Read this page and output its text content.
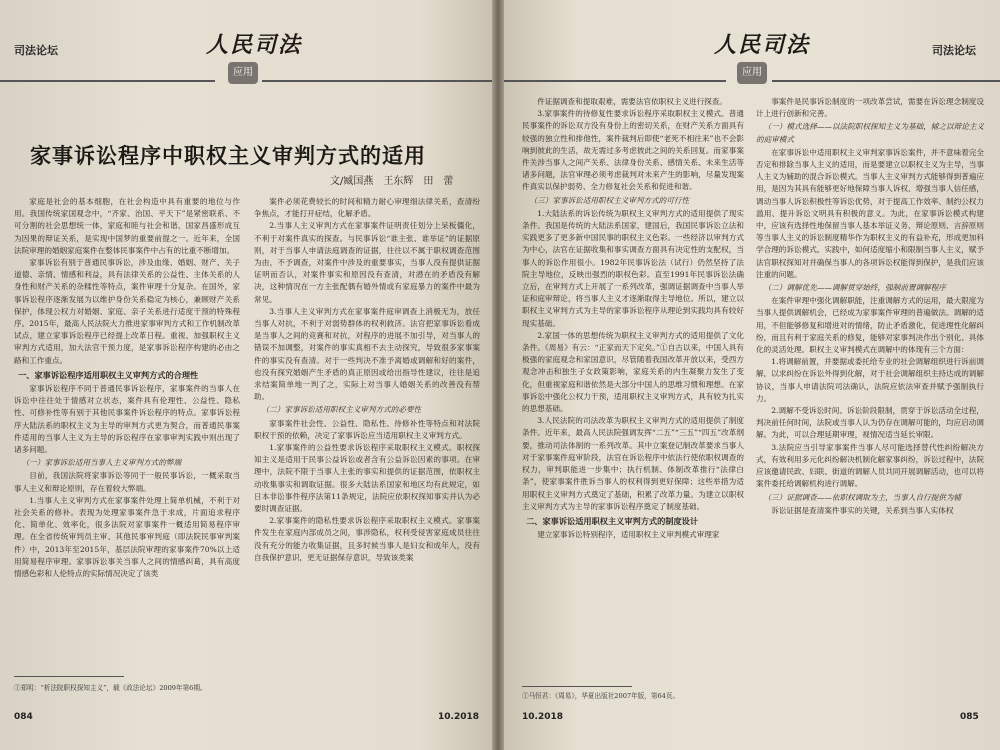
司法论坛	人民司法
应用
家事诉讼程序中职权主义审判方式的适用
文/臧国燕　王东辉　田　蕾

家庭是社会的基本细胞，在社会构造中具有重要的地位与作用。我国传统家国观念中，“齐家、治国、平天下”是紧密联系、不可分割的社会思想统一体，家庭和睦与社会和谐、国家昌盛形成互为因果的辩证关系，是实现中国梦的重要前提之一。近年来，全国法院审理的婚姻家庭案件在整体民事案件中占有的比重不断增加。

家事诉讼有别于普通民事诉讼，涉及血缘、婚姻、财产、关子道德、亲情、情感和利益，具有法律关系的公益性、主体关系的人身性和财产关系的杂糅性等特点，案件审理十分复杂。在国外，家事诉讼程序逐渐发展为以维护身份关系稳定为核心，兼顾财产关系保护，体现公权力对婚姻、家庭、亲子关系进行适度干预的特殊程序。2015年，最高人民法院大力推进家事审判方式和工作机制改革试点，建立家事诉讼程序已经提上改革日程。重视、加强职权主义审判方式适用，加大法官干预力度，是家事诉讼程序构建的必由之路和工作重点。

一、家事诉讼程序适用职权主义审判方式的合理性

家事诉讼程序不同于普通民事诉讼程序，家事案件的当事人在诉讼中往往处于情感对立状态，案件具有伦理性、公益性、隐私性、可修补性等有别于其他民事案件诉讼程序的特点。家事诉讼程序大陆法系的职权主义为主导的审判方式更为契合，而普通民事案件适用的当事人主义为主导的诉讼程序在家事审判实践中则出现了诸多问题。

（一）家事诉讼适用当事人主义审判方式的弊端

目前，我国法院将家事诉讼等同于一般民事诉讼，一概采取当事人主义和辩论原则，存在着较大弊端。

1.当事人主义审判方式在家事案件处理上简单机械，不利于对社会关系的修补。表现为处理家事案件急于求成，片面追求程序化、简单化、效率化，很多法院对家事案件一概适用简易程序审理。在全省传统审判员主审、其他民事审判庭（即法院民事审判案件）中，2013年至2015年，基层法院审理的家事案件70%以上适用简易程序审理。家事诉讼事关当事人之间的情感纠葛，具有高度情感色彩和人伦特点的实际情况决定了该类

案件必须花费较长的时间和精力耐心审理细法律关系，查清纷争焦点，才能打开症结，化解矛盾。

2.当事人主义审判方式在家事案件证明责任划分上呆板僵化，不利于对案件真实的探查。与民事诉讼“谁主张、谁举证”的证据原则，对于当事人申请法庭调查的证据，往往以不属于职权调查范围为由，不予调查，对案件中涉及的重要事实，当事人没有提供证据证明而否认，对案件事实和原因没有查清，对潜在的矛盾没有解决，这种情况在一方主张配偶有婚外情或有家庭暴力的案件中最为常见。

3.当事人主义审判方式在家事案件庭审调查上消极无为，放任当事人对抗，不利于对弱势群体的权利救济。法官把家事诉讼看成是当事人之间的竞赛和对抗，对程序的进展不加引导，对当事人的错误不加调整，对案件的事实真相不去主动探究，导致很多家事案件的事实没有查清。对于一些判决不准予离婚或调解和好的案件，也没有探究婚姻产生矛盾的真正原因或给出指导性建议，往往是追求结案简单地一判了之，实际上对当事人婚姻关系的改善没有帮助。

（二）家事诉讼适用职权主义审判方式的必要性

家事案件社会性、公益性、隐私性、待修补性等特点和对法院职权干预的依赖，决定了家事诉讼应当适用职权主义审判方式。

1.家事案件的公益性要求诉讼程序采取职权主义模式。职权探知主义是适用于民事公益诉讼或者含有公益诉讼因素的事项。在审理中，法院不限于当事人主张的事实和提供的证据范围，依职权主动收集事实和调取证据。很多大陆法系国家和地区均有此规定，如日本非讼事件程序法第11条规定，法院应依职权探知事实并认为必要时调查证据。

2.家事案件的隐私性要求诉讼程序采取职权主义模式。家事案件发生在家庭内部成员之间，事涉隐私，权利受侵害家庭成员往往没有充分的能力收集证据，且多时候当事人是妇女和成年人，没有自我保护意识，更无证据保存意识，导致该类案

①郑明：“析法院职权探知主义”，载《政法论坛》2009年第6期。
084	10.2018
人民司法	司法论坛
应用

件证据调查和提取艰难，需要法官依职权主义进行探查。

3.家事案件的待修复性要求诉讼程序采取职权主义模式。普通民事案件的诉讼双方没有身份上的密切关系，在财产关系方面具有较强的独立性和排他性，案件裁判后即使“老死不相往来”也不会影响到彼此的生活，故无需过多考虑彼此之间的关系回复。而家事案件关涉当事人之间产关系、法律身份关系、感情关系、未来生活等诸多问题，法官审理必须考虑裁判对未来产生的影响，尽量发现案件真实以保护弱势、全力修复社会关系和促进和谐。

（三）家事诉讼适用职权主义审判方式的可行性

1.大陆法系的诉讼传统为职权主义审判方式的适用提供了现实条件。我国是传统的大陆法系国家，建国后，我国民事诉讼立法和实践更多了更多新中国民事的职权主义色彩。一些经济以审判方式为中心，法官在证据收集和事实调查方面具有决定性的支配权，当事人的诉讼作用很小。1982年民事诉讼法（试行）仍然坚持了法院主导地位，反映出强烈的职权色彩。直至1991年民事诉讼法确立后，在审判方式上开展了一系列改革，强调证据调查中当事人举证和庭审辩论，将当事人主义才逐渐取得主导地位。所以，建立以职权主义审判方式为主导的家事诉讼程序从理论到实践均具有较好现实基础。

2.家国一体的思想传统为职权主义审判方式的适用提供了文化条件。《周易》有云：“正家而天下定矣。”①自古以来，中国人具有极强的家庭观念和家国意识，尽管随着我国改革开放以来，受西方观念冲击和独生子女政策影响，家庭关系的内生凝聚力发生了变化，但重视家庭和谐依然是大部分中国人的思维习惯和理想。在家事诉讼中强化公权力干预，适用职权主义审判方式，具有较为扎实的思想基础。

3.人民法院的司法改革为职权主义审判方式的适用提供了制度条件。近年来，最高人民法院强调发挥“二五”“三五”“四五”改革纲要，推动司法体制的一系列改革。其中立案登记制改革要求当事人对于家事案件庭审阶段，法官在诉讼程序中依法行使依职权调查的权力，审判职能进一步集中；执行机制、体制改革推行“法律白条”，使家事案件胜诉当事人的权利得到更好保障；这些举措为适用职权主义审判方式奠定了基础，积累了改革力量。为建立以职权主义审判方式为主导的家事诉讼程序奠定了制度基础。

二、家事诉讼适用职权主义审判方式的制度设计

建立家事诉讼特别程序，适用职权主义审判模式审理家

事案件是民事诉讼制度的一项改革尝试，需要在诉讼理念制度设计上进行创新和完善。

（一）模式选择——以法院职权探知主义为基础，辅之以辩论主义的庭审模式

在家事诉讼中适用职权主义审判家事诉讼案件，并不意味着完全否定和排除当事人主义的适用，而是要建立以职权主义为主导，当事人主义为辅助的混合诉讼模式。当事人主义审判方式能够得到普遍应用，是因为其具有能够更好地保障当事人诉权、增强当事人信任感，调动当事人诉讼积极性等诉讼优势，对于提高工作效率、制约公权力滥用、提升诉讼文明具有积极的意义。为此，在家事诉讼模式构建中，应该有选择性地保留当事人基本举证义务、辩论原则、言辞原则等当事人主义的诉讼制度精华作为职权主义的有益补充，形成更加科学合理的诉讼模式。实践中，如何适度缩小和限制当事人主义，赋予法官职权探知对并确保当事人的各项诉讼权能得到保护，是我们应该注重的问题。

（二）调解优先——调解贯穿始终，强制前置调解程序

在案件审理中强化调解职能，注重调解方式的运用，最大限度为当事人提供调解机会，已经成为家事案件审理的普遍做法。调解的适用，不但能够修复和增进对的情绪，防止矛盾激化，促进理性化解纠纷，而且有利于家庭关系的修复，能够对家事判决作出个别化、具体化的灵活处理。职权主义审判模式在调解中的体现有三个方面：

1.将调解前置，并要据或委托给专业的社会调解组织进行诉前调解，以求纠纷在诉讼外得到化解，对于社会调解组织主持达成的调解协议，当事人申请法院司法确认，法院应依法审查并赋予强制执行力。

2.调解不受诉讼时间、诉讼阶段限制，贯穿于诉讼活动全过程，判决前任何时间，法院或当事人认为仍存在调解可能的，均应启动调解。为此，可以合理延期审理，视情况适当延长审限。

3.法院应当引导家事案件当事人尽可能选择替代性纠纷解决方式，有效利用多元化纠纷解决机制化解家事纠纷，诉讼过程中，法院应该邀请民政、妇联、街道的调解人员共同开展调解活动，也可以将案件委托给调解机构进行调解。

（三）证据调查——依职权调取为主，当事人自行提供为辅

诉讼证据是查清案件事实的关键，关系到当事人实体权

①马恒君：《周易》，华夏出版社2007年版，第64页。
10.2018	085
